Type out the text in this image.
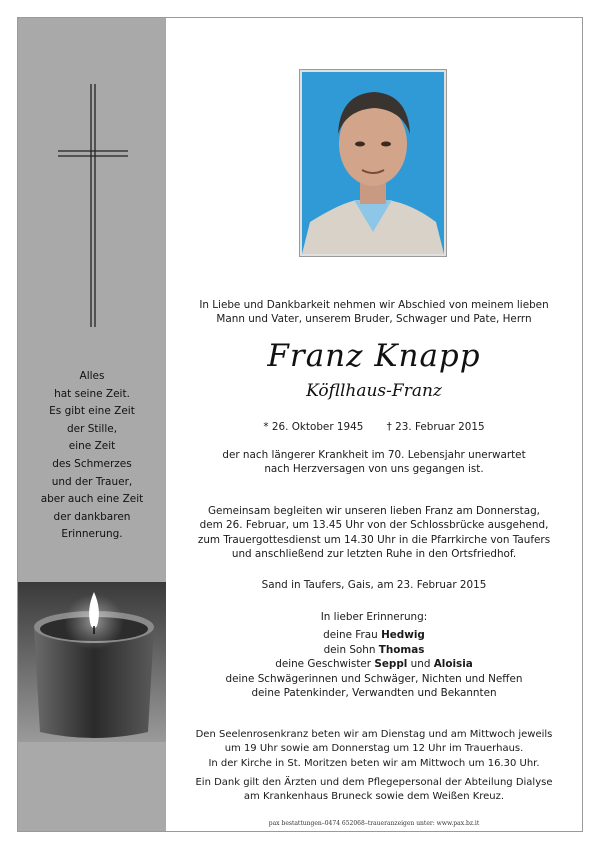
Alles
hat seine Zeit.
Es gibt eine Zeit
der Stille,
eine Zeit
des Schmerzes
und der Trauer,
aber auch eine Zeit
der dankbaren
Erinnerung.
In Liebe und Dankbarkeit nehmen wir Abschied von meinem lieben
Mann und Vater, unserem Bruder, Schwager und Pate, Herrn
Franz Knapp
Köfllhaus-Franz
* 26. Oktober 1945 † 23. Februar 2015
der nach längerer Krankheit im 70. Lebensjahr unerwartet
nach Herzversagen von uns gegangen ist.
Gemeinsam begleiten wir unseren lieben Franz am Donnerstag,
dem 26. Februar, um 13.45 Uhr von der Schlossbrücke ausgehend,
zum Trauergottesdienst um 14.30 Uhr in die Pfarrkirche von Taufers
und anschließend zur letzten Ruhe in den Ortsfriedhof.
Sand in Taufers, Gais, am 23. Februar 2015
In lieber Erinnerung:
deine Frau Hedwig
dein Sohn Thomas
deine Geschwister Seppl und Aloisia
deine Schwägerinnen und Schwäger, Nichten und Neffen
deine Patenkinder, Verwandten und Bekannten
Den Seelenrosenkranz beten wir am Dienstag und am Mittwoch jeweils
um 19 Uhr sowie am Donnerstag um 12 Uhr im Trauerhaus.
In der Kirche in St. Moritzen beten wir am Mittwoch um 16.30 Uhr.
Ein Dank gilt den Ärzten und dem Pflegepersonal der Abteilung Dialyse
am Krankenhaus Bruneck sowie dem Weißen Kreuz.
pax bestattungen–0474 652068–traueranzeigen unter: www.pax.bz.it
